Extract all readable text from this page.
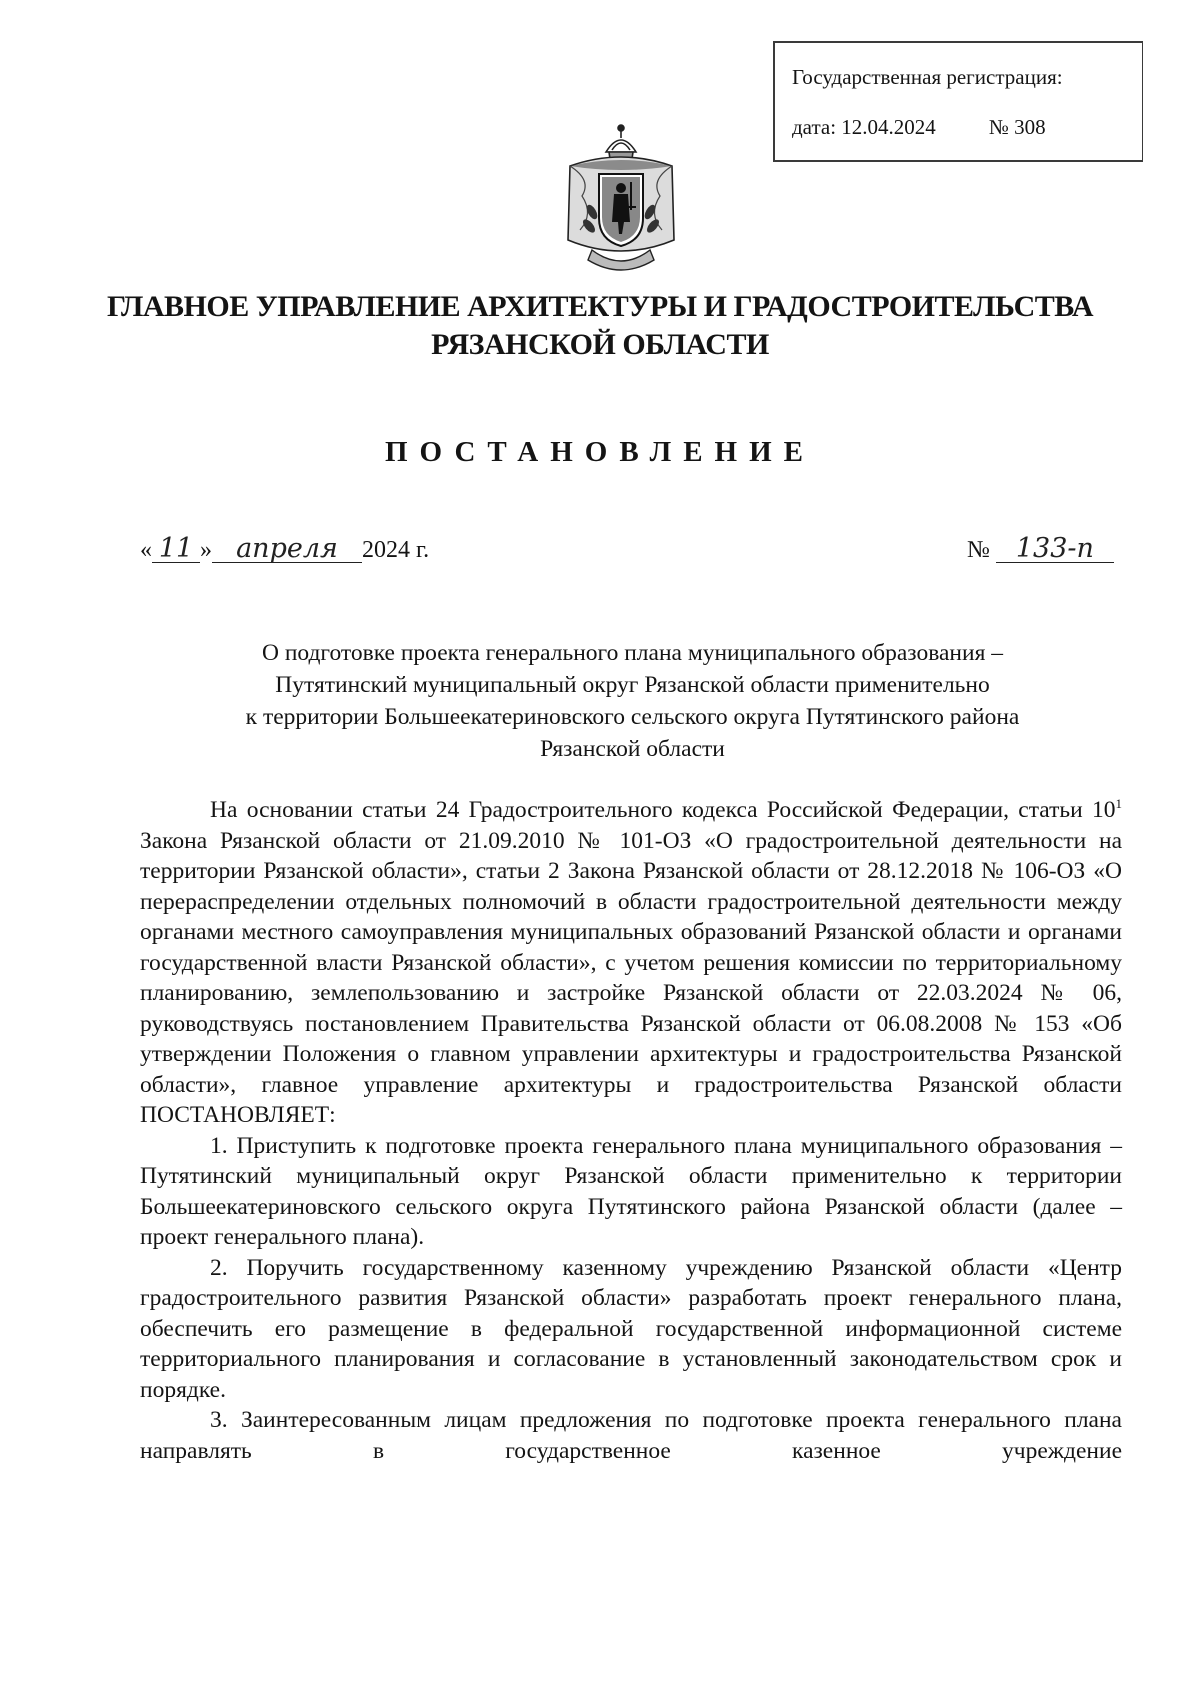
Государственная регистрация:
дата: 12.04.2024	№ 308
ГЛАВНОЕ УПРАВЛЕНИЕ АРХИТЕКТУРЫ И ГРАДОСТРОИТЕЛЬСТВА
РЯЗАНСКОЙ ОБЛАСТИ
ПОСТАНОВЛЕНИЕ
« 11 » апреля 2024 г.	№ 133-п
О подготовке проекта генерального плана муниципального образования –
Путятинский муниципальный округ Рязанской области применительно
к территории Большеекатериновского сельского округа Путятинского района
Рязанской области

На основании статьи 24 Градостроительного кодекса Российской Федерации, статьи $10^1$ Закона Рязанской области от 21.09.2010 № 101-ОЗ «О градостроительной деятельности на территории Рязанской области», статьи 2 Закона Рязанской области от 28.12.2018 № 106-ОЗ «О перераспределении отдельных полномочий в области градостроительной деятельности между органами местного самоуправления муниципальных образований Рязанской области и органами государственной власти Рязанской области», с учетом решения комиссии по территориальному планированию, землепользованию и застройке Рязанской области от 22.03.2024 № 06, руководствуясь постановлением Правительства Рязанской области от 06.08.2008 № 153 «Об утверждении Положения о главном управлении архитектуры и градостроительства Рязанской области», главное управление архитектуры и градостроительства Рязанской области ПОСТАНОВЛЯЕТ:

1. Приступить к подготовке проекта генерального плана муниципального образования – Путятинский муниципальный округ Рязанской области применительно к территории Большеекатериновского сельского округа Путятинского района Рязанской области (далее – проект генерального плана).

2. Поручить государственному казенному учреждению Рязанской области «Центр градостроительного развития Рязанской области» разработать проект генерального плана, обеспечить его размещение в федеральной государственной информационной системе территориального планирования и согласование в установленный законодательством срок и порядке.

3. Заинтересованным лицам предложения по подготовке проекта генерального плана направлять в государственное казенное учреждение
